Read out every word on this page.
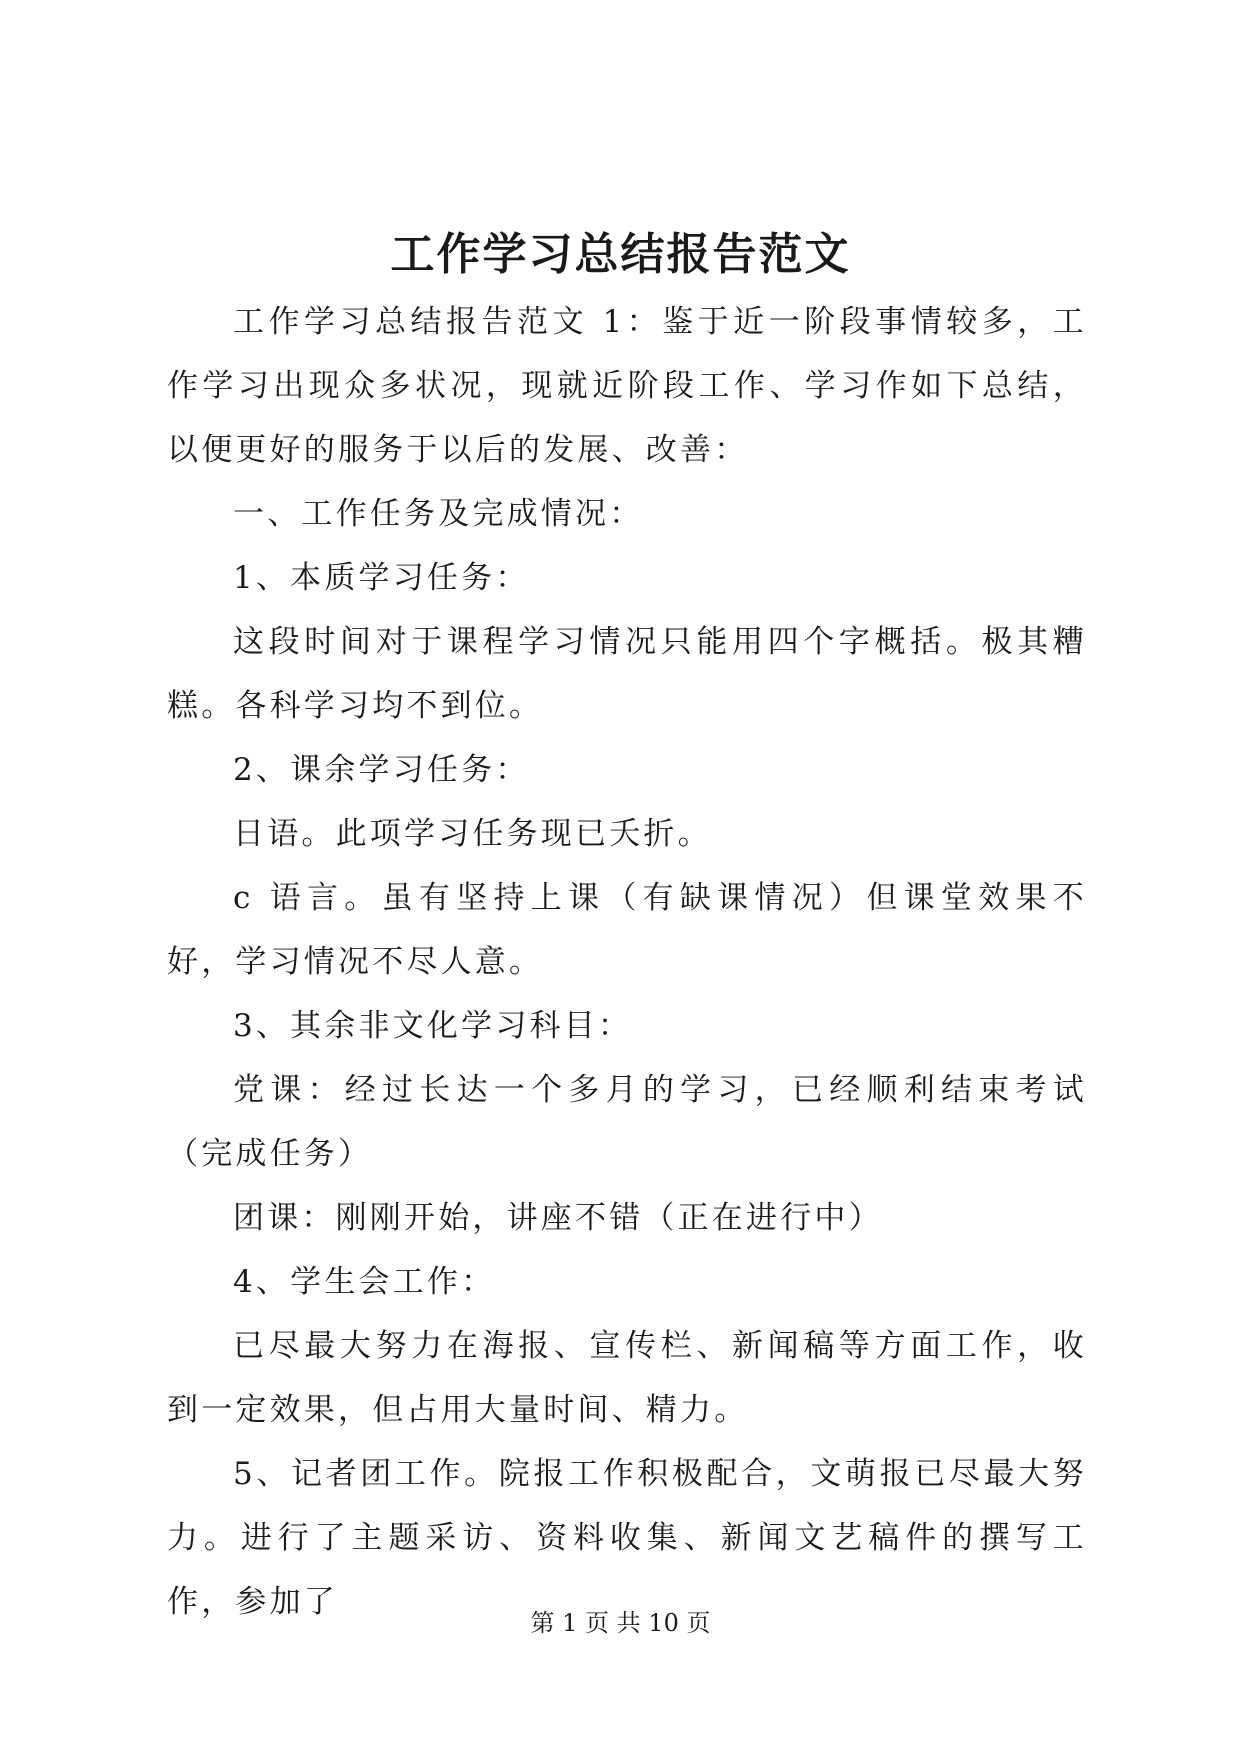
工作学习总结报告范文

工作学习总结报告范文 1：鉴于近一阶段事情较多，工作学习出现众多状况，现就近阶段工作、学习作如下总结，以便更好的服务于以后的发展、改善：

一、工作任务及完成情况：

1、本质学习任务：

这段时间对于课程学习情况只能用四个字概括。极其糟糕。各科学习均不到位。

2、课余学习任务：

日语。此项学习任务现已夭折。

c 语言。虽有坚持上课（有缺课情况）但课堂效果不好，学习情况不尽人意。

3、其余非文化学习科目：

党课：经过长达一个多月的学习，已经顺利结束考试（完成任务）

团课：刚刚开始，讲座不错（正在进行中）

4、学生会工作：

已尽最大努力在海报、宣传栏、新闻稿等方面工作，收到一定效果，但占用大量时间、精力。

5、记者团工作。院报工作积极配合，文萌报已尽最大努力。进行了主题采访、资料收集、新闻文艺稿件的撰写工作，参加了

第 1 页 共 10 页
